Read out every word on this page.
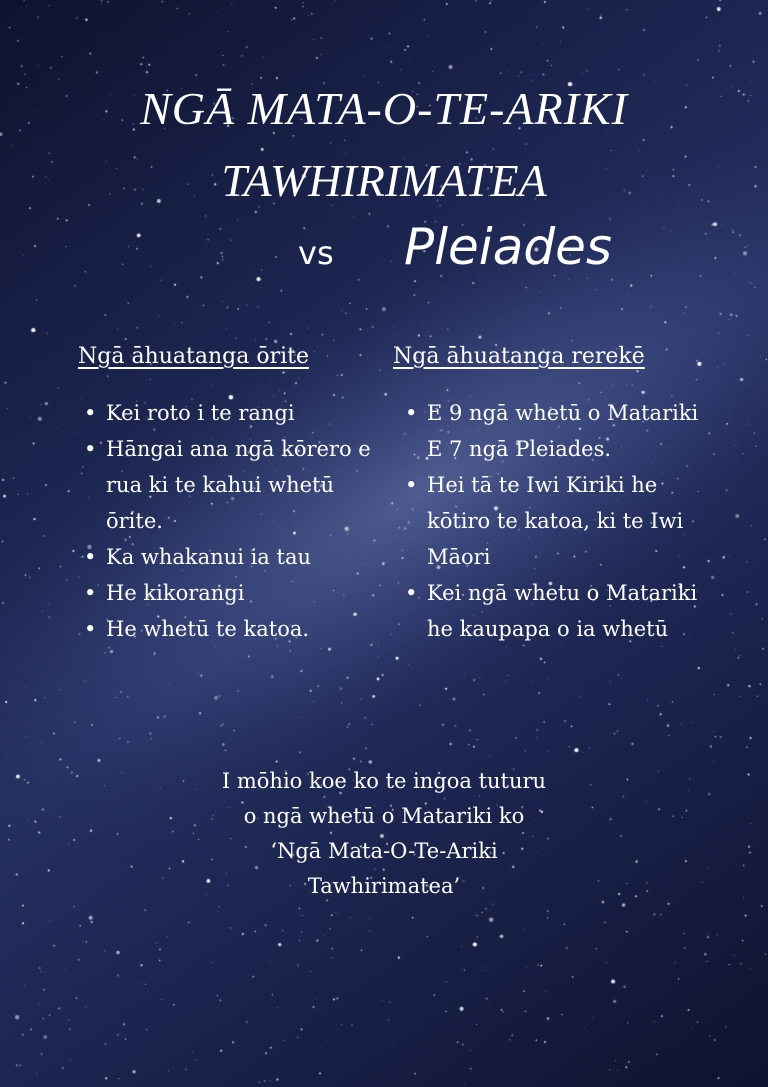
NGĀ MATA-O-TE-ARIKI
TAWHIRIMATEA
vs Pleiades
Ngā āhuatanga ōrite	Ngā āhuatanga rerekē
• Kei roto i te rangi
• Hāngai ana ngā kōrero e rua ki te kahui whetū ōrite.
• Ka whakanui ia tau
• He kikorangi
• He whetū te katoa.
• E 9 ngā whetū o Matariki E 7 ngā Pleiades.
• Hei tā te Iwi Kiriki he kōtiro te katoa, ki te Iwi Māori
• Kei ngā whetu o Matariki he kaupapa o ia whetū
I mōhio koe ko te ingoa tuturu
o ngā whetū o Matariki ko
‘Ngā Mata-O-Te-Ariki
Tawhirimatea’
